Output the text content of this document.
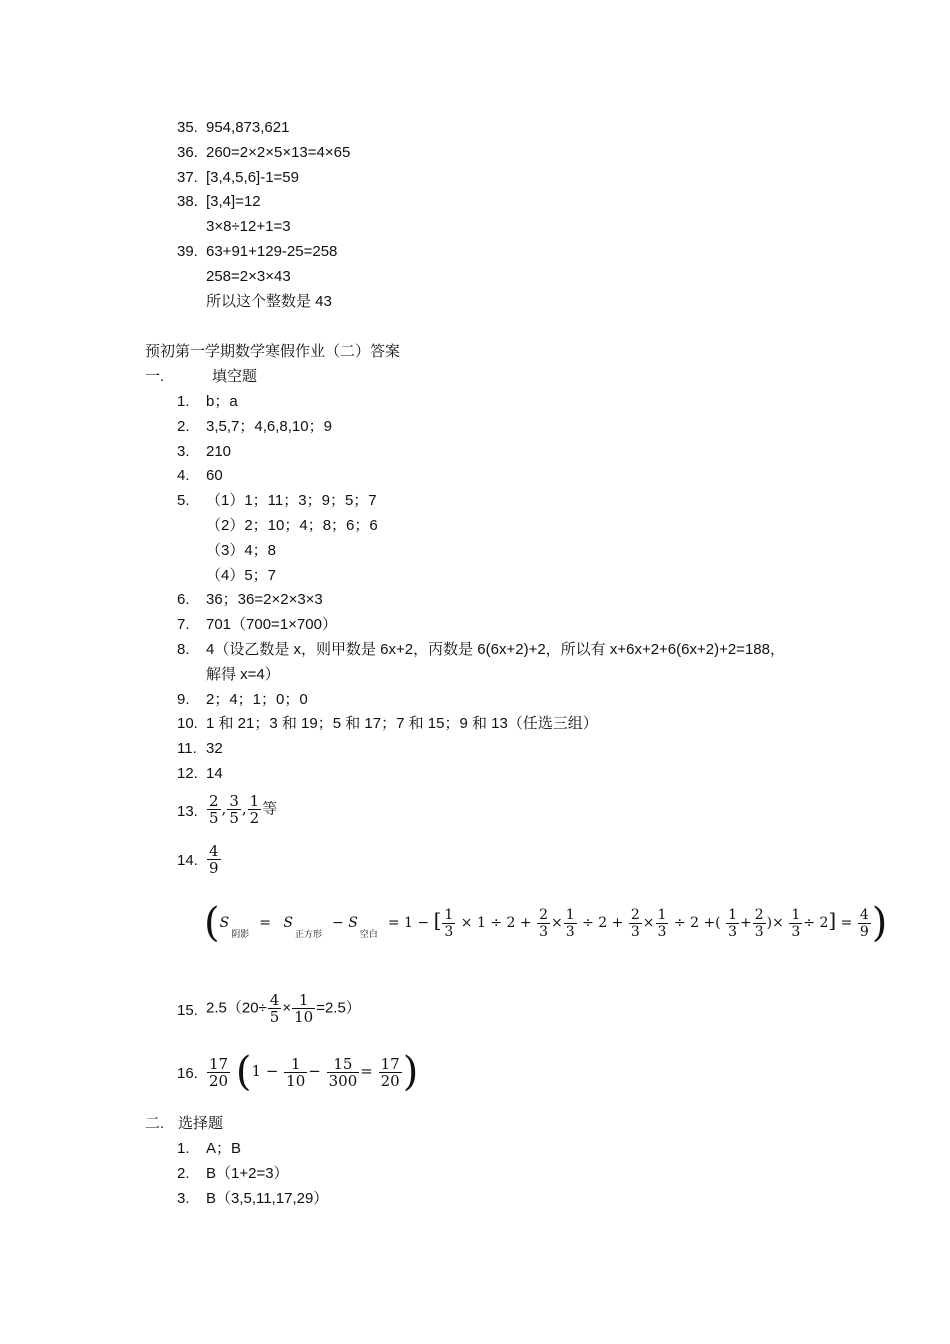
35. 954,873,621
36. 260=2×2×5×13=4×65
37. [3,4,5,6]-1=59
38. [3,4]=12
3×8÷12+1=3
39. 63+91+129-25=258
258=2×3×43
所以这个整数是 43
预初第一学期数学寒假作业（二）答案
一.	填空题
1. b；a
2. 3,5,7；4,6,8,10；9
3. 210
4. 60
5. （1）1；11；3；9；5；7
（2）2；10；4；8；6；6
（3）4；8
（4）5；7
6. 36；36=2×2×3×3
7. 701（700=1×700）
8. 4（设乙数是 x，则甲数是 6x+2，丙数是 6(6x+2)+2，所以有 x+6x+2+6(6x+2)+2=188，
解得 x=4）
9. 2；4；1；0；0
10. 1 和 21；3 和 19；5 和 17；7 和 15；9 和 13（任选三组）
11. 32
12. 14
13. $\frac{2}{5}$ , $\frac{3}{5}$ , $\frac{1}{2}$ 等
14. $\frac{4}{9}$
($S_{阴影}= S_{正方形}- S_{空白}= 1$ − [ $\frac{1}{3} \times 1 \div 2 + \frac{2}{3} \times \frac{1}{3} \div 2 + \frac{2}{3} \times \frac{1}{3} \div 2$ +( $\frac{1}{3} + \frac{2}{3}$ )× $\frac{1}{3} \div 2] = \frac{4}{9}$ )
15. $2.5(20\div \frac{4}{5} \times \frac{1}{10} =2.5)$
16. $\frac{17}{20} (1 - \frac{1}{10} - \frac{15}{300} = \frac{17}{20}$ )
二. 选择题
1. A；B
2. B（1+2=3）
3. B（3,5,11,17,29）
